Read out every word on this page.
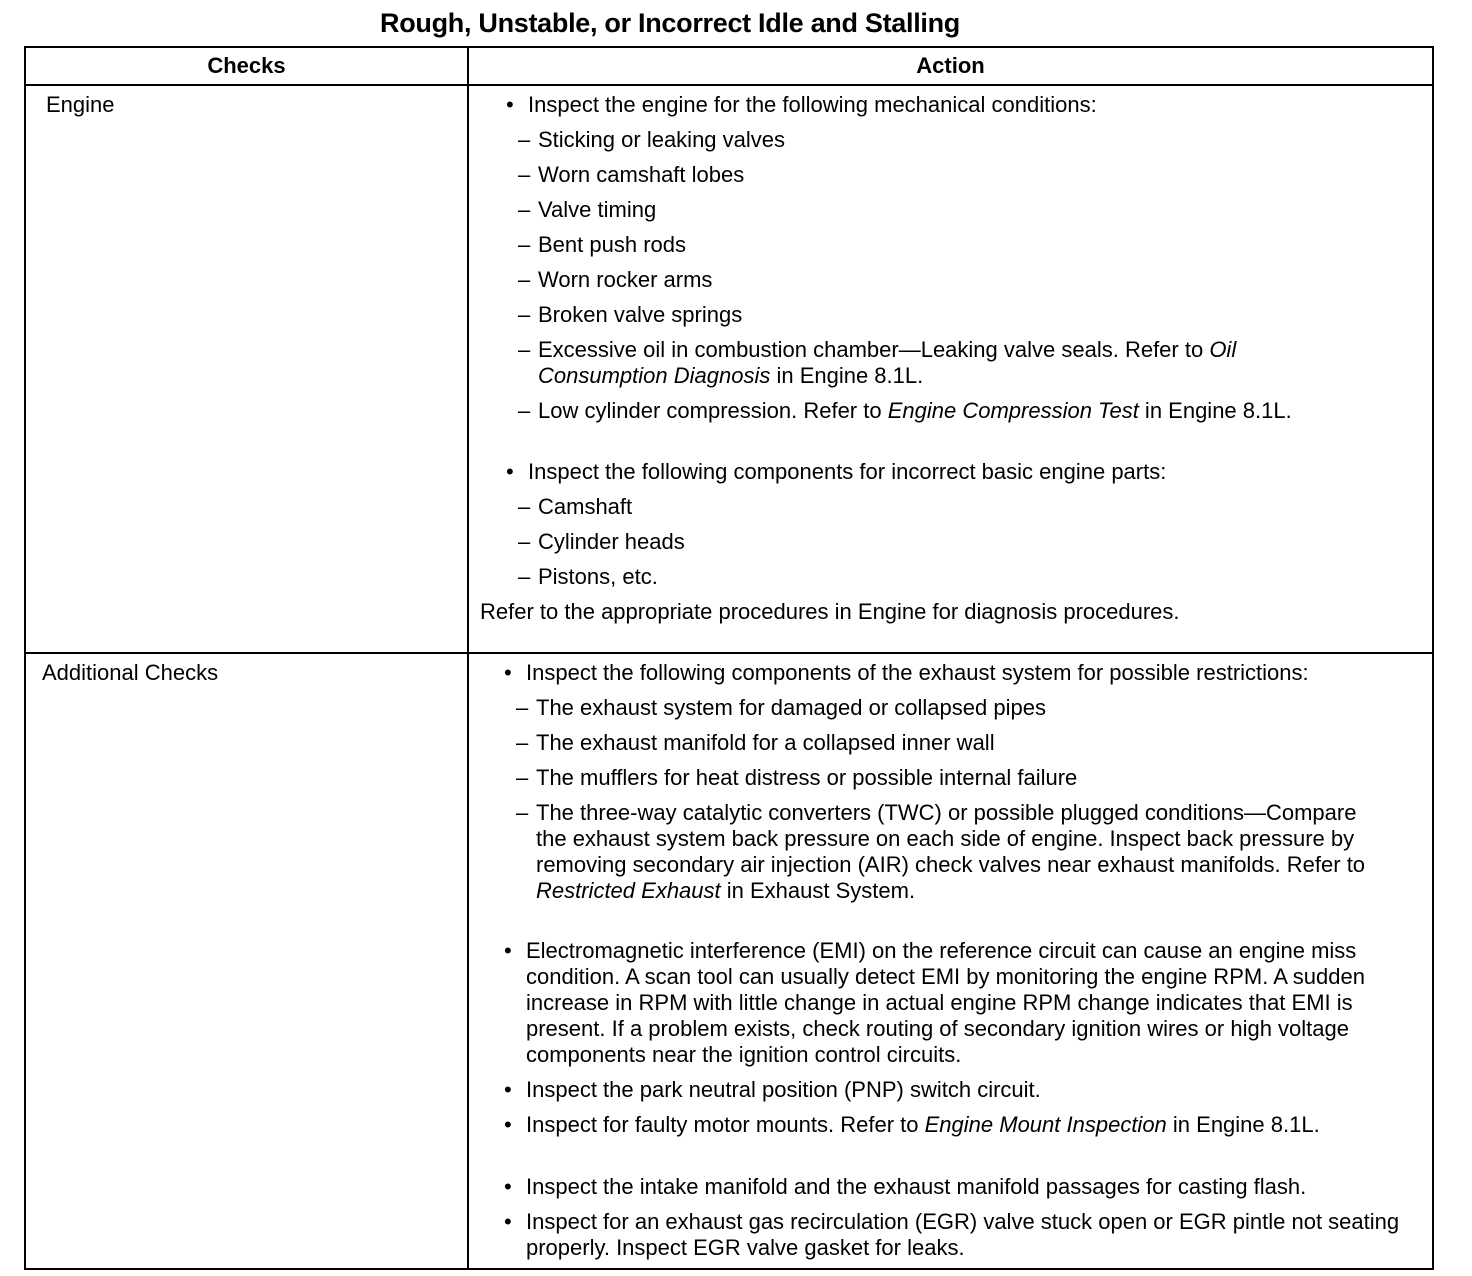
Rough, Unstable, or Incorrect Idle and Stalling
Checks	Action
Engine	• Inspect the engine for the following mechanical conditions:
– Sticking or leaking valves
– Worn camshaft lobes
– Valve timing
– Bent push rods
– Worn rocker arms
– Broken valve springs
– Excessive oil in combustion chamber—Leaking valve seals. Refer to Oil Consumption Diagnosis in Engine 8.1L.
– Low cylinder compression. Refer to Engine Compression Test in Engine 8.1L.
• Inspect the following components for incorrect basic engine parts:
– Camshaft
– Cylinder heads
– Pistons, etc.
Refer to the appropriate procedures in Engine for diagnosis procedures.
Additional Checks	• Inspect the following components of the exhaust system for possible restrictions:
– The exhaust system for damaged or collapsed pipes
– The exhaust manifold for a collapsed inner wall
– The mufflers for heat distress or possible internal failure
– The three-way catalytic converters (TWC) or possible plugged conditions—Compare the exhaust system back pressure on each side of engine. Inspect back pressure by removing secondary air injection (AIR) check valves near exhaust manifolds. Refer to Restricted Exhaust in Exhaust System.
• Electromagnetic interference (EMI) on the reference circuit can cause an engine miss condition. A scan tool can usually detect EMI by monitoring the engine RPM. A sudden increase in RPM with little change in actual engine RPM change indicates that EMI is present. If a problem exists, check routing of secondary ignition wires or high voltage components near the ignition control circuits.
• Inspect the park neutral position (PNP) switch circuit.
• Inspect for faulty motor mounts. Refer to Engine Mount Inspection in Engine 8.1L.
• Inspect the intake manifold and the exhaust manifold passages for casting flash.
• Inspect for an exhaust gas recirculation (EGR) valve stuck open or EGR pintle not seating properly. Inspect EGR valve gasket for leaks.
